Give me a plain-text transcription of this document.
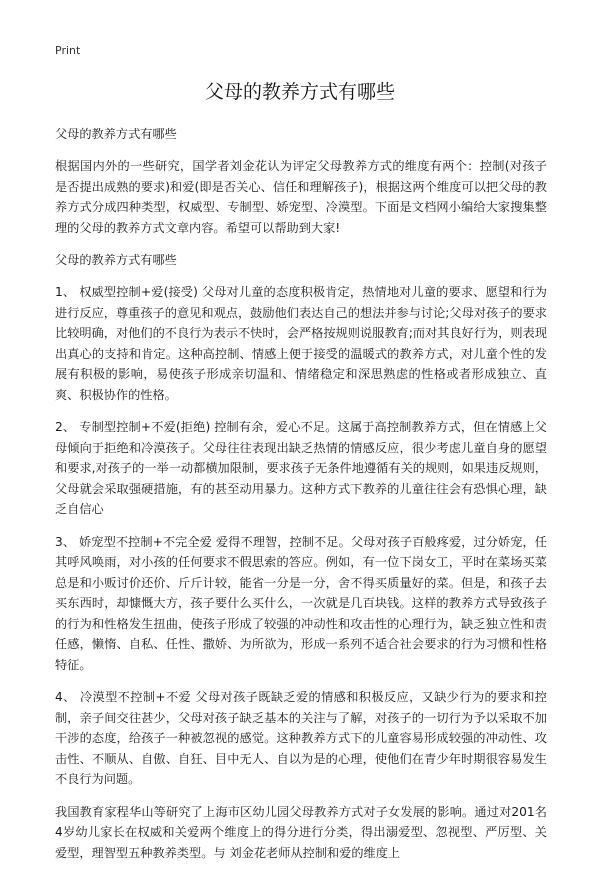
Print
父母的教养方式有哪些

父母的教养方式有哪些

根据国内外的一些研究，国学者刘金花认为评定父母教养方式的维度有两个：控制(对孩子是否提出成熟的要求)和爱(即是否关心、信任和理解孩子)，根据这两个维度可以把父母的教养方式分成四种类型，权威型、专制型、娇宠型、冷漠型。下面是文档网小编给大家搜集整理的父母的教养方式文章内容。希望可以帮助到大家!

父母的教养方式有哪些

1、 权威型控制+爱(接受) 父母对儿童的态度积极肯定，热情地对儿童的要求、愿望和行为进行反应，尊重孩子的意见和观点，鼓励他们表达自己的想法并参与讨论;父母对孩子的要求比较明确，对他们的不良行为表示不快时，会严格按规则说服教育;而对其良好行为，则表现出真心的支持和肯定。这种高控制、情感上便于接受的温暖式的教养方式，对儿童个性的发展有积极的影响，易使孩子形成亲切温和、情绪稳定和深思熟虑的性格或者形成独立、直爽、积极协作的性格。

2、 专制型控制+不爱(拒绝) 控制有余，爱心不足。这属于高控制教养方式，但在情感上父母倾向于拒绝和冷漠孩子。父母往往表现出缺乏热情的情感反应，很少考虑儿童自身的愿望和要求,对孩子的一举一动都横加限制，要求孩子无条件地遵循有关的规则，如果违反规则，父母就会采取强硬措施，有的甚至动用暴力。这种方式下教养的儿童往往会有恐惧心理，缺乏自信心

3、 娇宠型不控制+不完全爱 爱得不理智，控制不足。父母对孩子百般疼爱，过分娇宠，任其呼风唤雨，对小孩的任何要求不假思索的答应。例如，有一位下岗女工，平时在菜场买菜总是和小贩讨价还价、斤斤计较，能省一分是一分，舍不得买质量好的菜。但是，和孩子去买东西时，却慷慨大方，孩子要什么买什么，一次就是几百块钱。这样的教养方式导致孩子的行为和性格发生扭曲，使孩子形成了较强的冲动性和攻击性的心理行为，缺乏独立性和责任感，懒惰、自私、任性、撒娇、为所欲为，形成一系列不适合社会要求的行为习惯和性格特征。

4、 冷漠型不控制+不爱 父母对孩子既缺乏爱的情感和积极反应，又缺少行为的要求和控制，亲子间交往甚少，父母对孩子缺乏基本的关注与了解，对孩子的一切行为予以采取不加干涉的态度，给孩子一种被忽视的感觉。这种教养方式下的儿童容易形成较强的冲动性、攻击性、不顺从、自傲、自狂、目中无人、自以为是的心理，使他们在青少年时期很容易发生不良行为问题。

我国教育家程华山等研究了上海市区幼儿园父母教养方式对子女发展的影响。通过对201名4岁幼儿家长在权威和关爱两个维度上的得分进行分类，得出溺爱型、忽视型、严厉型、关爱型，理智型五种教养类型。与 刘金花老师从控制和爱的维度上
